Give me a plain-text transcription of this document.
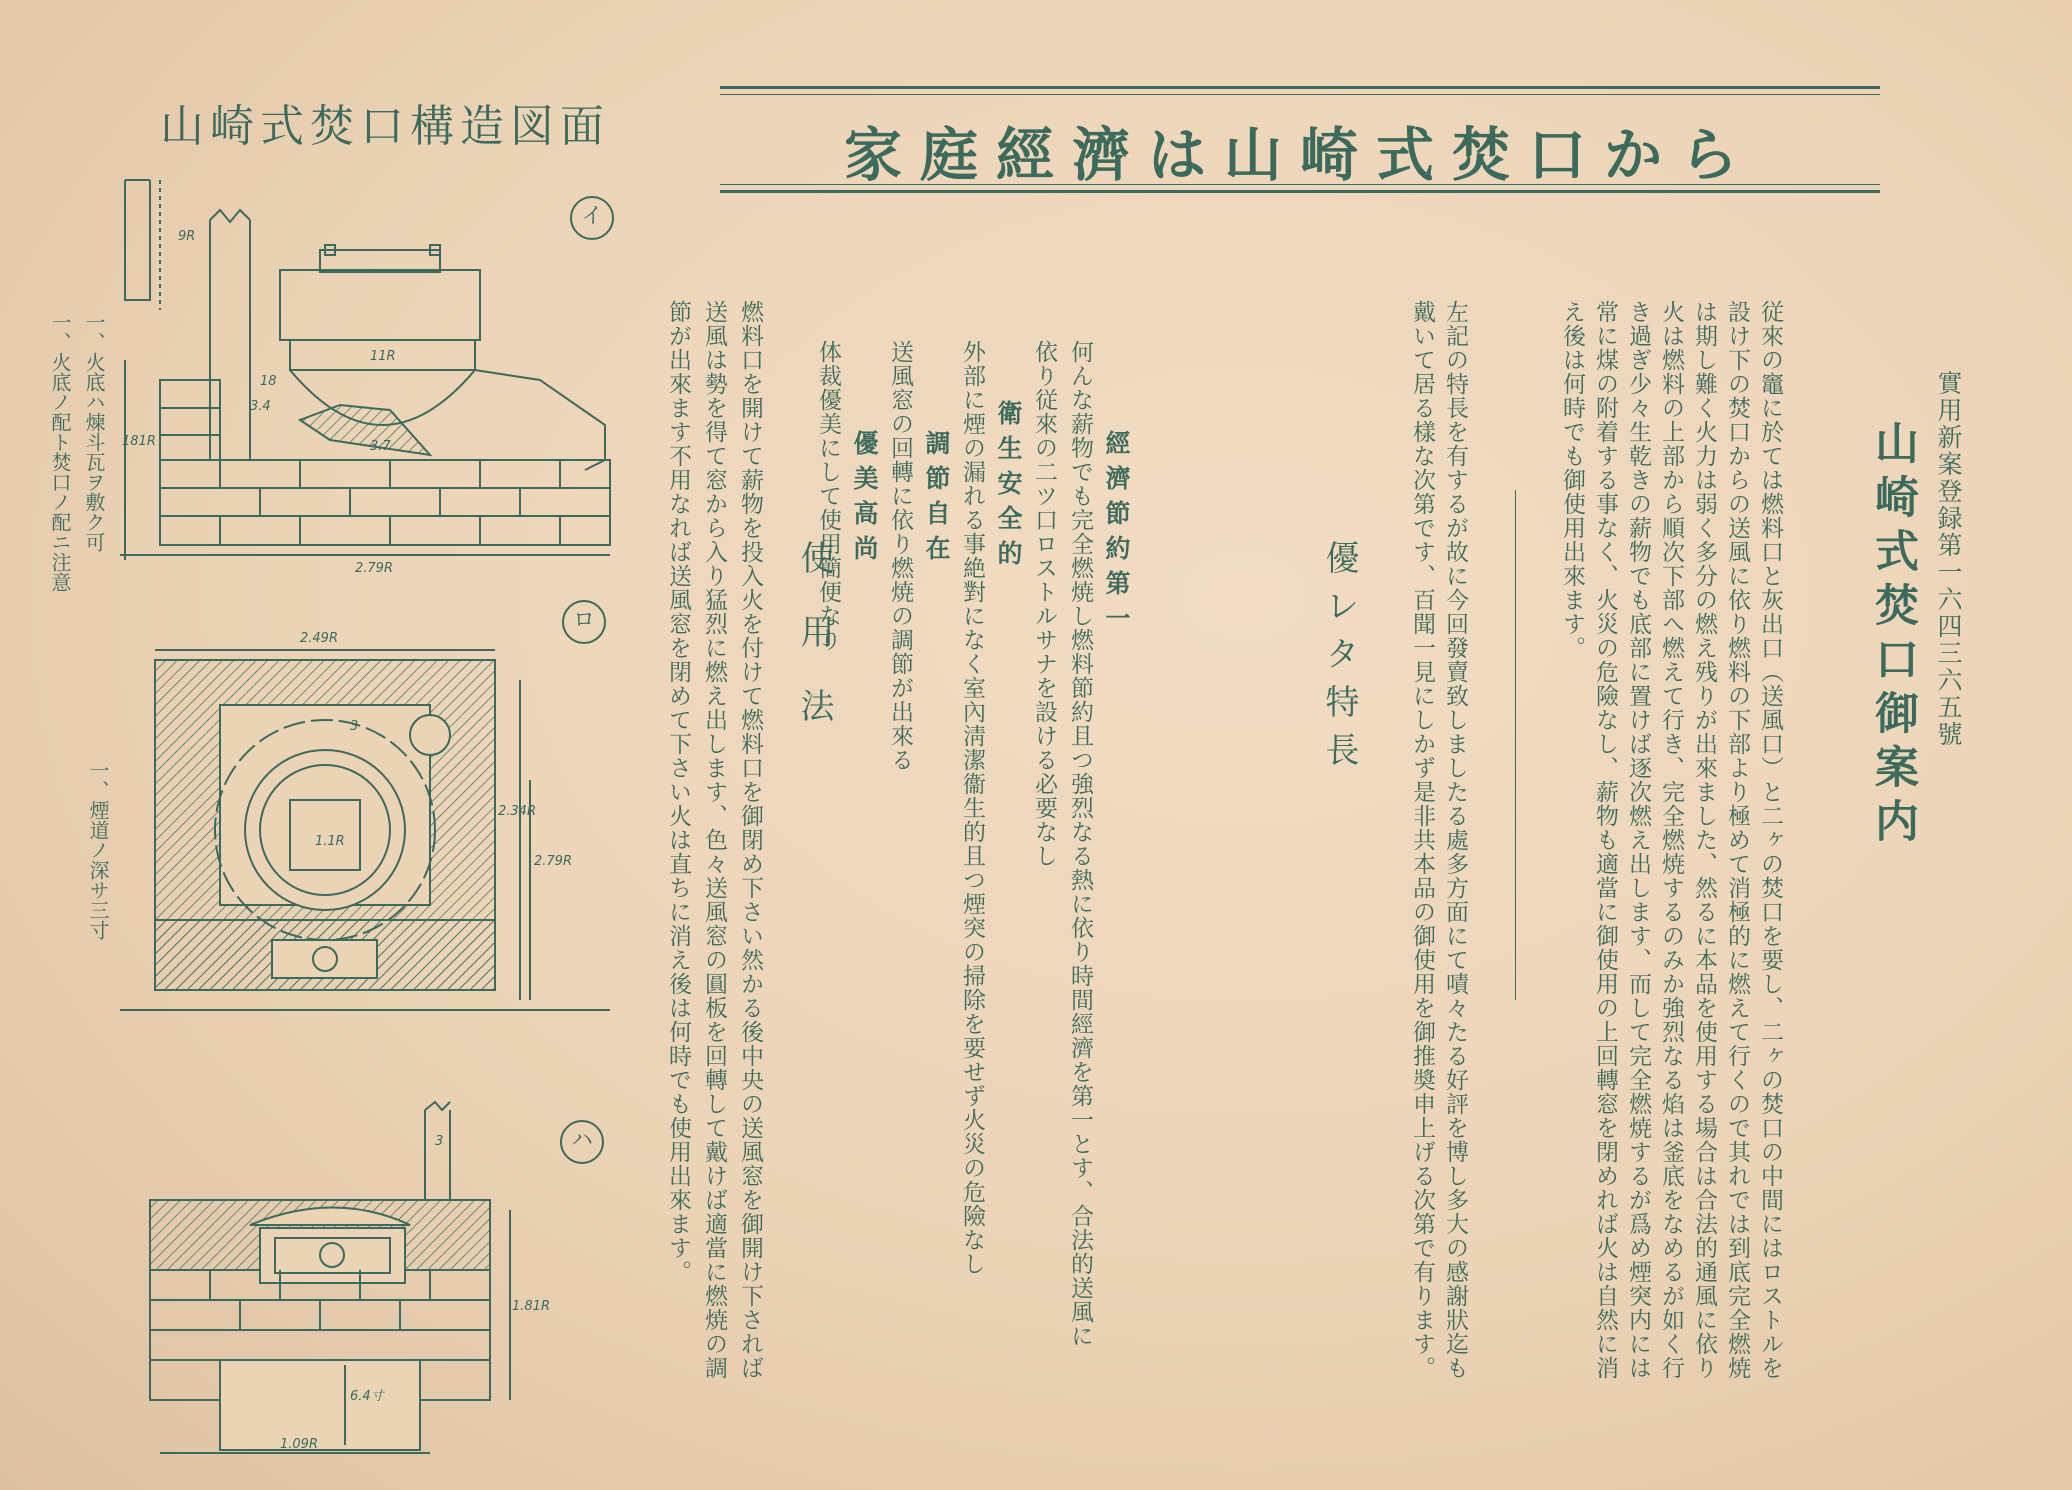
家庭經濟は山崎式焚口から
山崎式焚口構造図面
イ
ロ
ハ
一、火底ハ煉斗瓦ヲ敷ク可
一、火底ノ配ト焚口ノ配ニ注意
一、煙道ノ深サ三寸
9R
11R
3.4
3.7
18
181R
2.79R
2.49R
3
2.34R
2.79R
1.1R
3
1.81R
6.4寸
1.09R
實用新案登録第一六四三六五號
山崎式焚口御案内
従來の竈に於ては燃料口と灰出口（送風口）と二ヶの焚口を要し、二ヶの焚口の中間にはロストルを
設け下の焚口からの送風に依り燃料の下部より極めて消極的に燃えて行くので其れでは到底完全燃焼
は期し難く火力は弱く多分の燃え残りが出來ました、然るに本品を使用する場合は合法的通風に依り
火は燃料の上部から順次下部へ燃えて行き、完全燃焼するのみか強烈なる焰は釜底をなめるが如く行
き過ぎ少々生乾きの薪物でも底部に置けば逐次燃え出します、而して完全燃焼するが爲め煙突内には
常に煤の附着する事なく、火災の危險なし、薪物も適當に御使用の上回轉窓を閉めれば火は自然に消
え後は何時でも御使用出來ます。
左記の特長を有するが故に今回發賣致しましたる處多方面にて嘖々たる好評を博し多大の感謝狀迄も
戴いて居る樣な次第です、百聞一見にしかず是非共本品の御使用を御推奬申上げる次第で有ります。
優レタ特長
經濟節約第一
何んな薪物でも完全燃焼し燃料節約且つ強烈なる熱に依り時間經濟を第一とす、合法的送風に
依り従來の二ツ口ロストルサナを設ける必要なし
衛生安全的
外部に煙の漏れる事絶對になく室內淸潔衞生的且つ煙突の掃除を要せず火災の危險なし
調節自在
送風窓の回轉に依り燃焼の調節が出來る
優美高尚
体裁優美にして使用簡便なり
使用法
燃料口を開けて薪物を投入火を付けて燃料口を御閉め下さい然かる後中央の送風窓を御開け下されば
送風は勢を得て窓から入り猛烈に燃え出します、色々送風窓の圓板を回轉して戴けば適當に燃焼の調
節が出來ます不用なれば送風窓を閉めて下さい火は直ちに消え後は何時でも使用出來ます。
